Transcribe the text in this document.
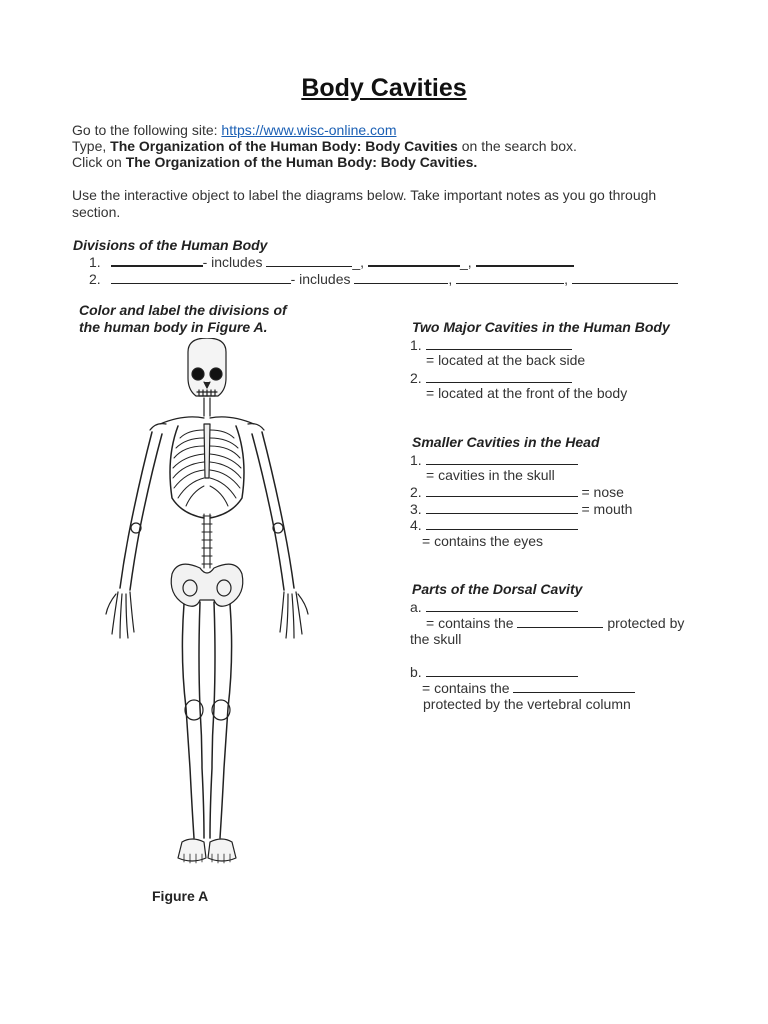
Body Cavities
Go to the following site: https://www.wisc-online.com
Type, The Organization of the Human Body: Body Cavities on the search box.
Click on The Organization of the Human Body: Body Cavities.
Use the interactive object to label the diagrams below. Take important notes as you go through
section.
Divisions of the Human Body
1.	- includes	_,	_,
2.	- includes	,	,
Color and label the divisions of
the human body in Figure A.
Figure A
Two Major Cavities in the Human Body
1.
= located at the back side
2.
= located at the front of the body
Smaller Cavities in the Head
1.
= cavities in the skull
2.	= nose
3.	= mouth
4.
= contains the eyes
Parts of the Dorsal Cavity
a.
= contains the	protected by
the skull
b.
= contains the
protected by the vertebral column
